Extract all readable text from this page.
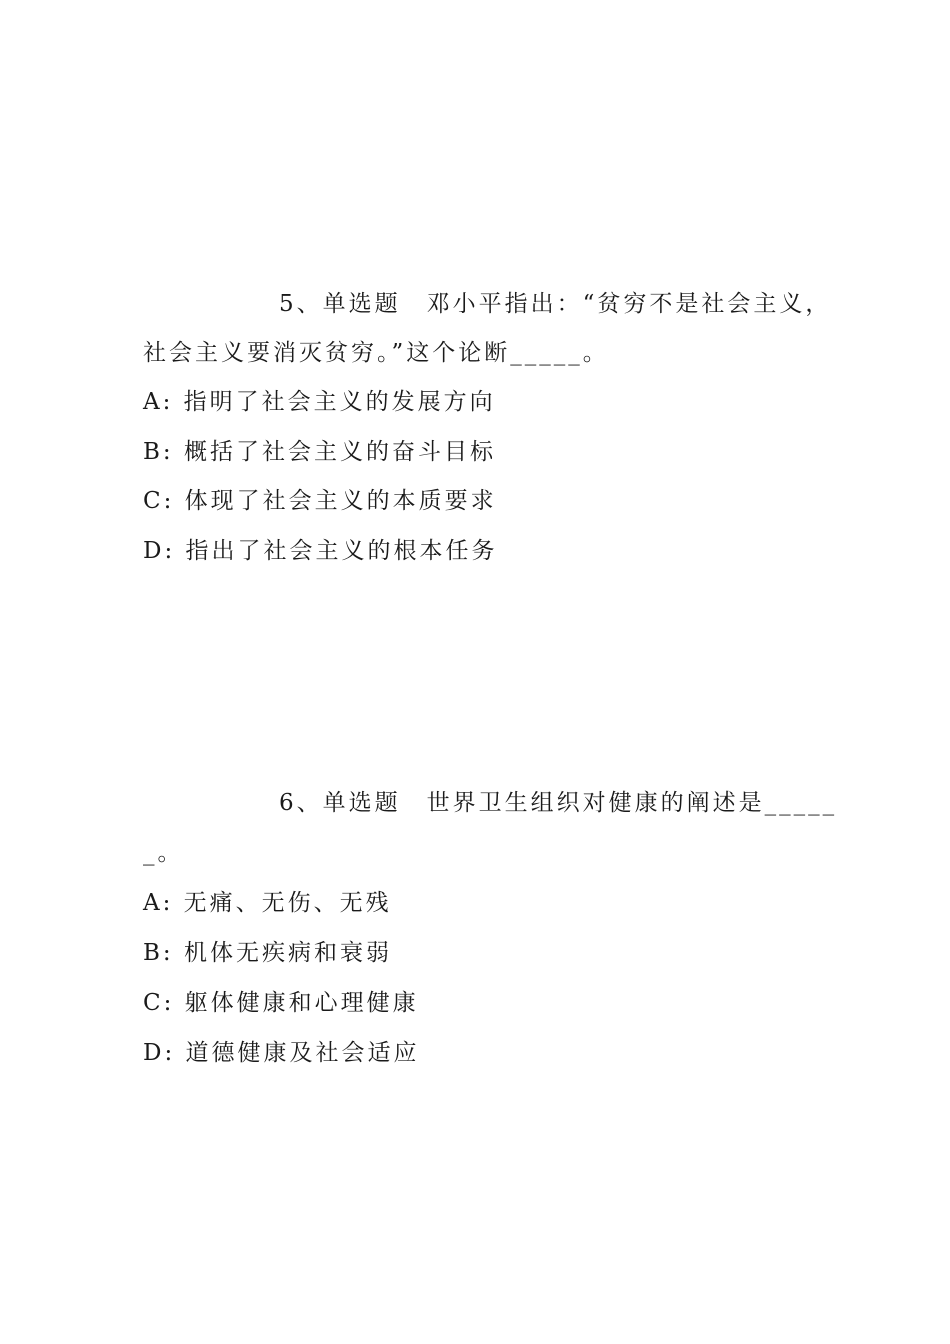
5、单选题　邓小平指出：“贫穷不是社会主义，
社会主义要消灭贫穷。”这个论断_____。
A: 指明了社会主义的发展方向
B: 概括了社会主义的奋斗目标
C: 体现了社会主义的本质要求
D: 指出了社会主义的根本任务
6、单选题　世界卫生组织对健康的阐述是_____
_。
A: 无痛、无伤、无残
B: 机体无疾病和衰弱
C: 躯体健康和心理健康
D: 道德健康及社会适应
